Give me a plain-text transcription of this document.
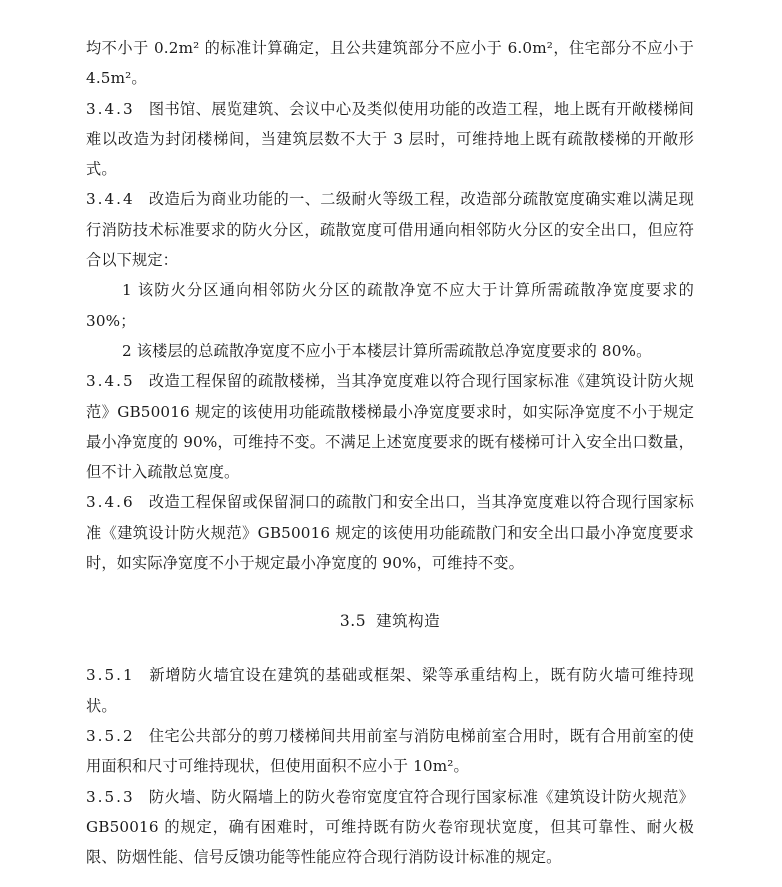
均不小于 0.2m² 的标准计算确定，且公共建筑部分不应小于 6.0m²，住宅部分不应小于 4.5m²。

3.4.3 图书馆、展览建筑、会议中心及类似使用功能的改造工程，地上既有开敞楼梯间难以改造为封闭楼梯间，当建筑层数不大于 3 层时，可维持地上既有疏散楼梯的开敞形式。

3.4.4 改造后为商业功能的一、二级耐火等级工程，改造部分疏散宽度确实难以满足现行消防技术标准要求的防火分区，疏散宽度可借用通向相邻防火分区的安全出口，但应符合以下规定：

1 该防火分区通向相邻防火分区的疏散净宽不应大于计算所需疏散净宽度要求的 30%；

2 该楼层的总疏散净宽度不应小于本楼层计算所需疏散总净宽度要求的 80%。

3.4.5 改造工程保留的疏散楼梯，当其净宽度难以符合现行国家标准《建筑设计防火规范》GB50016 规定的该使用功能疏散楼梯最小净宽度要求时，如实际净宽度不小于规定最小净宽度的 90%，可维持不变。不满足上述宽度要求的既有楼梯可计入安全出口数量，但不计入疏散总宽度。

3.4.6 改造工程保留或保留洞口的疏散门和安全出口，当其净宽度难以符合现行国家标准《建筑设计防火规范》GB50016 规定的该使用功能疏散门和安全出口最小净宽度要求时，如实际净宽度不小于规定最小净宽度的 90%，可维持不变。

3.5 建筑构造

3.5.1 新增防火墙宜设在建筑的基础或框架、梁等承重结构上，既有防火墙可维持现状。

3.5.2 住宅公共部分的剪刀楼梯间共用前室与消防电梯前室合用时，既有合用前室的使用面积和尺寸可维持现状，但使用面积不应小于 10m²。

3.5.3 防火墙、防火隔墙上的防火卷帘宽度宜符合现行国家标准《建筑设计防火规范》GB50016 的规定，确有困难时，可维持既有防火卷帘现状宽度，但其可靠性、耐火极限、防烟性能、信号反馈功能等性能应符合现行消防设计标准的规定。
